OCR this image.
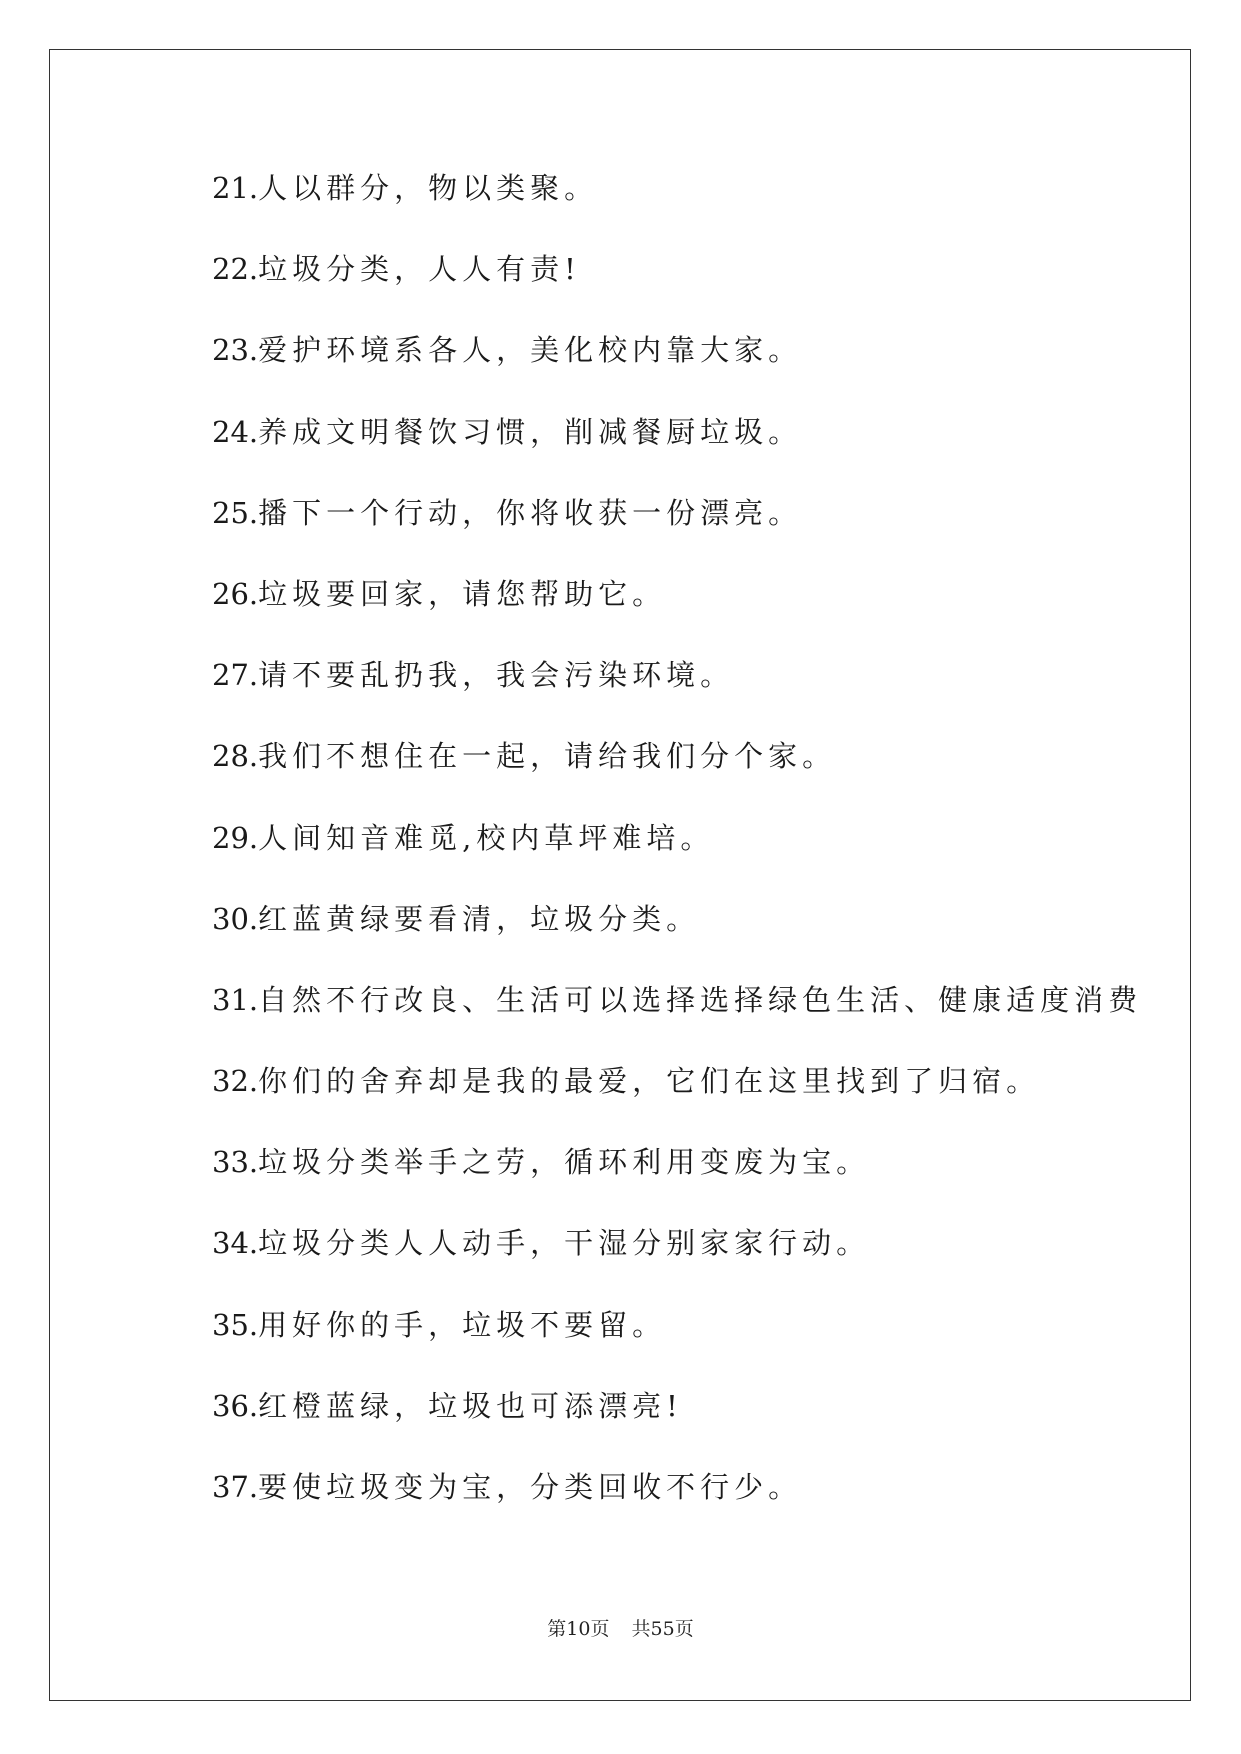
21.人以群分，物以类聚。
22.垃圾分类，人人有责!
23.爱护环境系各人，美化校内靠大家。
24.养成文明餐饮习惯，削减餐厨垃圾。
25.播下一个行动，你将收获一份漂亮。
26.垃圾要回家，请您帮助它。
27.请不要乱扔我，我会污染环境。
28.我们不想住在一起，请给我们分个家。
29.人间知音难觅,校内草坪难培。
30.红蓝黄绿要看清，垃圾分类。
31.自然不行改良、生活可以选择选择绿色生活、健康适度消费
32.你们的舍弃却是我的最爱，它们在这里找到了归宿。
33.垃圾分类举手之劳，循环利用变废为宝。
34.垃圾分类人人动手，干湿分别家家行动。
35.用好你的手，垃圾不要留。
36.红橙蓝绿，垃圾也可添漂亮!
37.要使垃圾变为宝，分类回收不行少。
第10页 共55页
